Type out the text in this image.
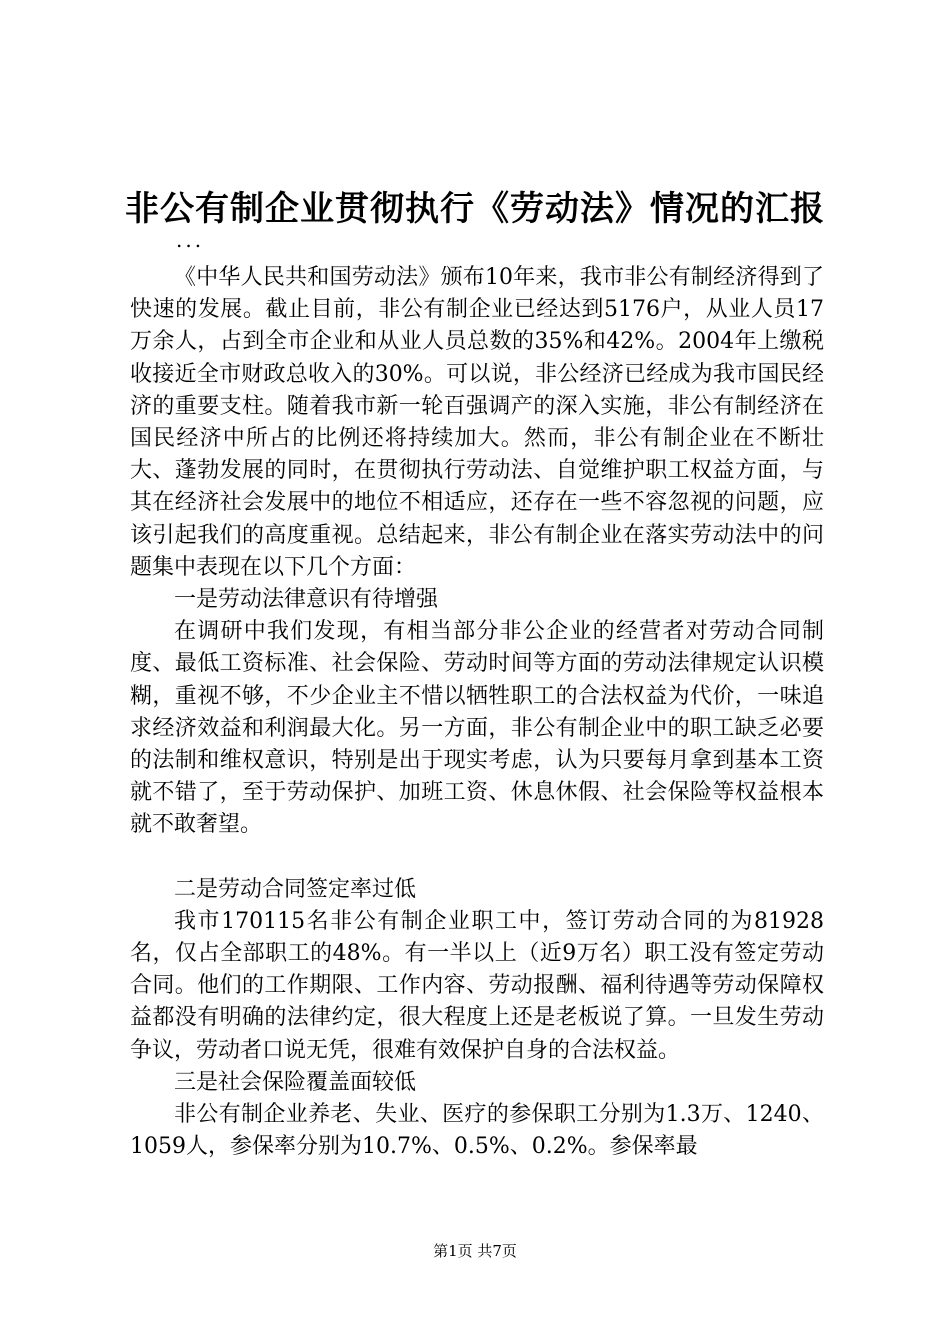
非公有制企业贯彻执行《劳动法》情况的汇报
...

《中华人民共和国劳动法》颁布10年来，我市非公有制经济得到了快速的发展。截止目前，非公有制企业已经达到5176户，从业人员17万余人，占到全市企业和从业人员总数的35%和42%。2004年上缴税收接近全市财政总收入的30%。可以说，非公经济已经成为我市国民经济的重要支柱。随着我市新一轮百强调产的深入实施，非公有制经济在国民经济中所占的比例还将持续加大。然而，非公有制企业在不断壮大、蓬勃发展的同时，在贯彻执行劳动法、自觉维护职工权益方面，与其在经济社会发展中的地位不相适应，还存在一些不容忽视的问题，应该引起我们的高度重视。总结起来，非公有制企业在落实劳动法中的问题集中表现在以下几个方面：

一是劳动法律意识有待增强

在调研中我们发现，有相当部分非公企业的经营者对劳动合同制度、最低工资标准、社会保险、劳动时间等方面的劳动法律规定认识模糊，重视不够，不少企业主不惜以牺牲职工的合法权益为代价，一味追求经济效益和利润最大化。另一方面，非公有制企业中的职工缺乏必要的法制和维权意识，特别是出于现实考虑，认为只要每月拿到基本工资就不错了，至于劳动保护、加班工资、休息休假、社会保险等权益根本就不敢奢望。

二是劳动合同签定率过低

我市170115名非公有制企业职工中，签订劳动合同的为81928名，仅占全部职工的48%。有一半以上（近9万名）职工没有签定劳动合同。他们的工作期限、工作内容、劳动报酬、福利待遇等劳动保障权益都没有明确的法律约定，很大程度上还是老板说了算。一旦发生劳动争议，劳动者口说无凭，很难有效保护自身的合法权益。

三是社会保险覆盖面较低

非公有制企业养老、失业、医疗的参保职工分别为1.3万、1240、1059人，参保率分别为10.7%、0.5%、0.2%。参保率最

第1页 共7页
